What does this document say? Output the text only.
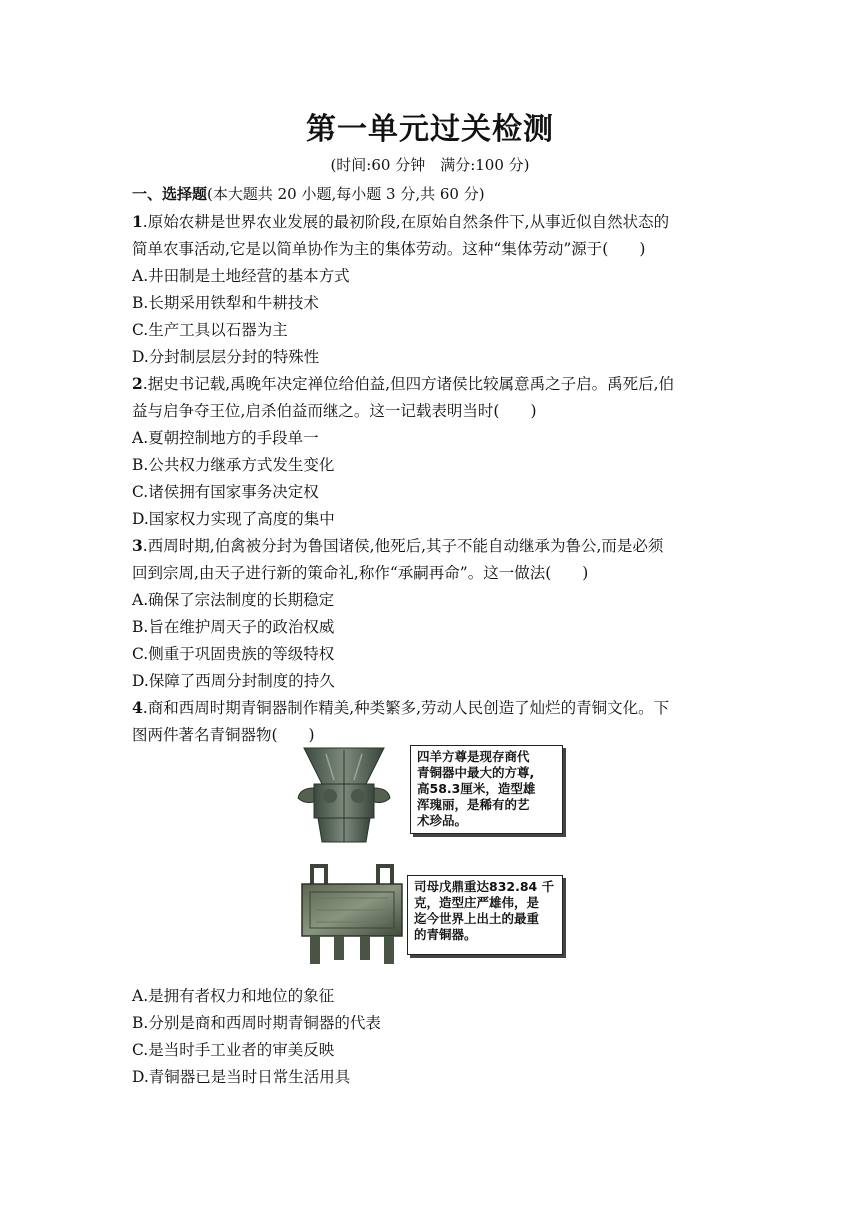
第一单元过关检测
(时间:60 分钟　满分:100 分)
一、选择题(本大题共 20 小题,每小题 3 分,共 60 分)
1.原始农耕是世界农业发展的最初阶段,在原始自然条件下,从事近似自然状态的
简单农事活动,它是以简单协作为主的集体劳动。这种“集体劳动”源于(　　)
A.井田制是土地经营的基本方式
B.长期采用铁犁和牛耕技术
C.生产工具以石器为主
D.分封制层层分封的特殊性
2.据史书记载,禹晚年决定禅位给伯益,但四方诸侯比较属意禹之子启。禹死后,伯
益与启争夺王位,启杀伯益而继之。这一记载表明当时(　　)
A.夏朝控制地方的手段单一
B.公共权力继承方式发生变化
C.诸侯拥有国家事务决定权
D.国家权力实现了高度的集中
3.西周时期,伯禽被分封为鲁国诸侯,他死后,其子不能自动继承为鲁公,而是必须
回到宗周,由天子进行新的策命礼,称作“承嗣再命”。这一做法(　　)
A.确保了宗法制度的长期稳定
B.旨在维护周天子的政治权威
C.侧重于巩固贵族的等级特权
D.保障了西周分封制度的持久
4.商和西周时期青铜器制作精美,种类繁多,劳动人民创造了灿烂的青铜文化。下
图两件著名青铜器物(　　)
四羊方尊是现存商代
青铜器中最大的方尊,
高58.3厘米，造型雄
浑瑰丽，是稀有的艺
术珍品。
司母戊鼎重达832.84 千
克，造型庄严雄伟，是
迄今世界上出土的最重
的青铜器。
A.是拥有者权力和地位的象征
B.分别是商和西周时期青铜器的代表
C.是当时手工业者的审美反映
D.青铜器已是当时日常生活用具
